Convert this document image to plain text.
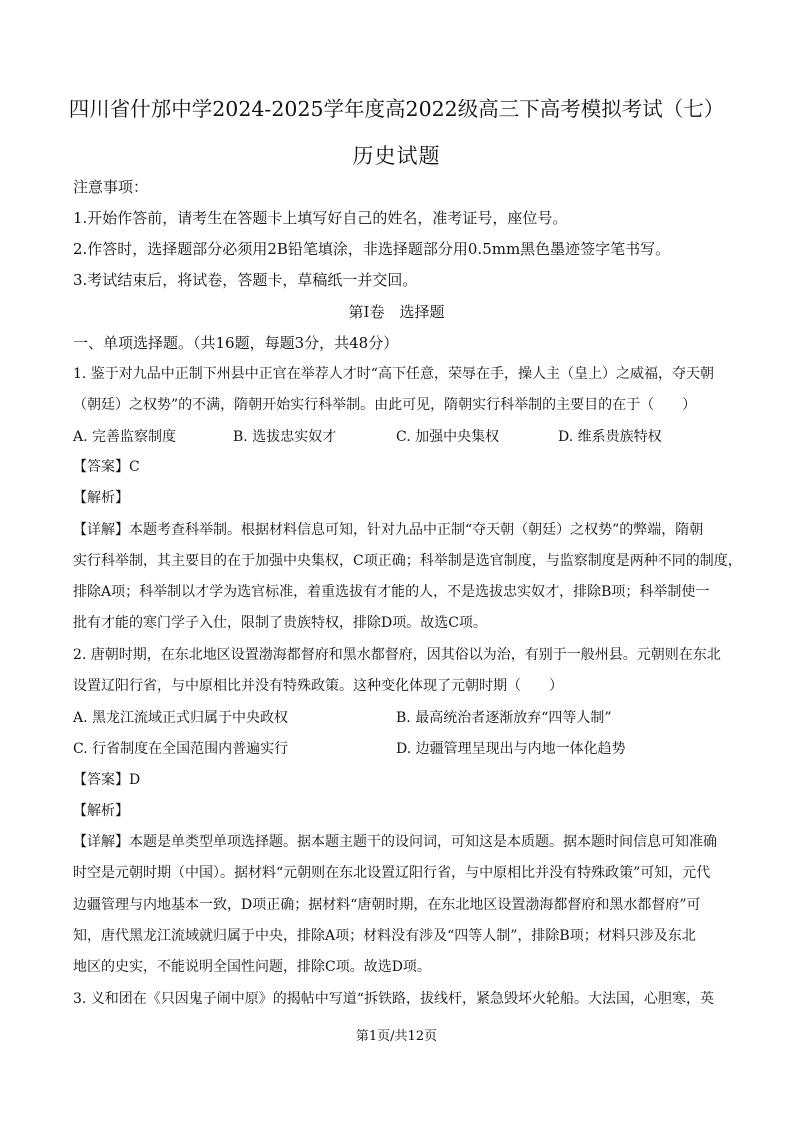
四川省什邡中学2024-2025学年度高2022级高三下高考模拟考试（七）
历史试题
注意事项：
1.开始作答前，请考生在答题卡上填写好自己的姓名，准考证号，座位号。
2.作答时，选择题部分必须用2B铅笔填涂，非选择题部分用0.5mm黑色墨迹签字笔书写。
3.考试结束后，将试卷，答题卡，草稿纸一并交回。
第Ⅰ卷　选择题
一、单项选择题。（共16题，每题3分，共48分）
1. 鉴于对九品中正制下州县中正官在举荐人才时“高下任意，荣辱在手，操人主（皇上）之威福，夺天朝
（朝廷）之权势”的不满，隋朝开始实行科举制。由此可见，隋朝实行科举制的主要目的在于（　　）
A. 完善监察制度	B. 选拔忠实奴才	C. 加强中央集权	D. 维系贵族特权
【答案】C
【解析】
【详解】本题考查科举制。根据材料信息可知，针对九品中正制“夺天朝（朝廷）之权势”的弊端，隋朝
实行科举制，其主要目的在于加强中央集权，C项正确；科举制是选官制度，与监察制度是两种不同的制度，
排除A项；科举制以才学为选官标准，着重选拔有才能的人，不是选拔忠实奴才，排除B项；科举制使一
批有才能的寒门学子入仕，限制了贵族特权，排除D项。故选C项。
2. 唐朝时期，在东北地区设置渤海都督府和黑水都督府，因其俗以为治，有别于一般州县。元朝则在东北
设置辽阳行省，与中原相比并没有特殊政策。这种变化体现了元朝时期（　　）
A. 黑龙江流域正式归属于中央政权	B. 最高统治者逐渐放弃“四等人制”
C. 行省制度在全国范围内普遍实行	D. 边疆管理呈现出与内地一体化趋势
【答案】D
【解析】
【详解】本题是单类型单项选择题。据本题主题干的设问词，可知这是本质题。据本题时间信息可知准确
时空是元朝时期（中国）。据材料“元朝则在东北设置辽阳行省，与中原相比并没有特殊政策”可知，元代
边疆管理与内地基本一致，D项正确；据材料“唐朝时期，在东北地区设置渤海都督府和黑水都督府”可
知，唐代黑龙江流域就归属于中央，排除A项；材料没有涉及“四等人制”，排除B项；材料只涉及东北
地区的史实，不能说明全国性问题，排除C项。故选D项。
3. 义和团在《只因鬼子闹中原》的揭帖中写道“拆铁路，拔线杆，紧急毁坏火轮船。大法国，心胆寒，英
第1页/共12页
